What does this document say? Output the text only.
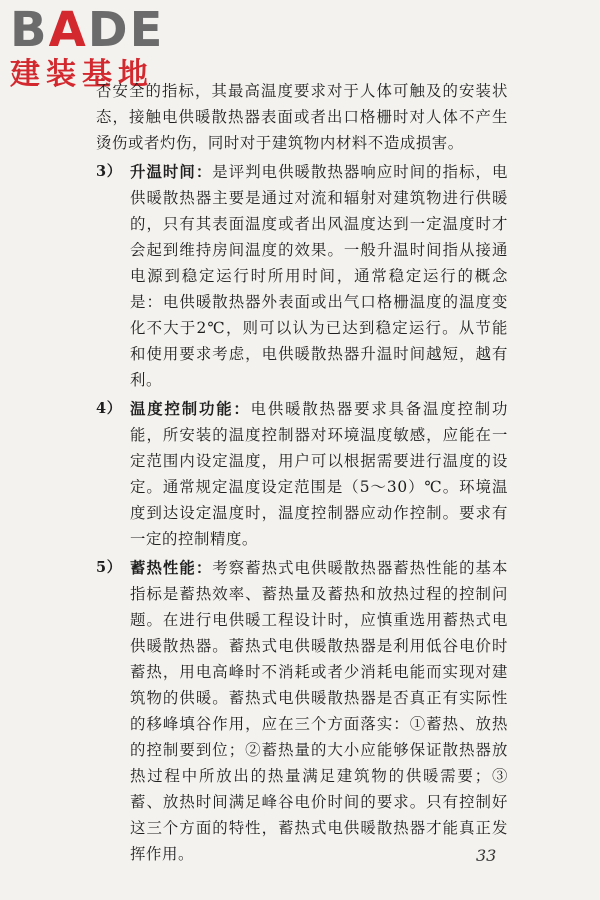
BADE
建装基地

否安全的指标，其最高温度要求对于人体可触及的安装状态，接触电供暖散热器表面或者出口格栅时对人体不产生烫伤或者灼伤，同时对于建筑物内材料不造成损害。

3） 升温时间：是评判电供暖散热器响应时间的指标，电供暖散热器主要是通过对流和辐射对建筑物进行供暖的，只有其表面温度或者出风温度达到一定温度时才会起到维持房间温度的效果。一般升温时间指从接通电源到稳定运行时所用时间，通常稳定运行的概念是：电供暖散热器外表面或出气口格栅温度的温度变化不大于2℃，则可以认为已达到稳定运行。从节能和使用要求考虑，电供暖散热器升温时间越短，越有利。
4） 温度控制功能：电供暖散热器要求具备温度控制功能，所安装的温度控制器对环境温度敏感，应能在一定范围内设定温度，用户可以根据需要进行温度的设定。通常规定温度设定范围是（5～30）℃。环境温度到达设定温度时，温度控制器应动作控制。要求有一定的控制精度。
5） 蓄热性能：考察蓄热式电供暖散热器蓄热性能的基本指标是蓄热效率、蓄热量及蓄热和放热过程的控制问题。在进行电供暖工程设计时，应慎重选用蓄热式电供暖散热器。蓄热式电供暖散热器是利用低谷电价时蓄热，用电高峰时不消耗或者少消耗电能而实现对建筑物的供暖。蓄热式电供暖散热器是否真正有实际性的移峰填谷作用，应在三个方面落实：①蓄热、放热的控制要到位；②蓄热量的大小应能够保证散热器放热过程中所放出的热量满足建筑物的供暖需要；③蓄、放热时间满足峰谷电价时间的要求。只有控制好这三个方面的特性，蓄热式电供暖散热器才能真正发挥作用。	33
